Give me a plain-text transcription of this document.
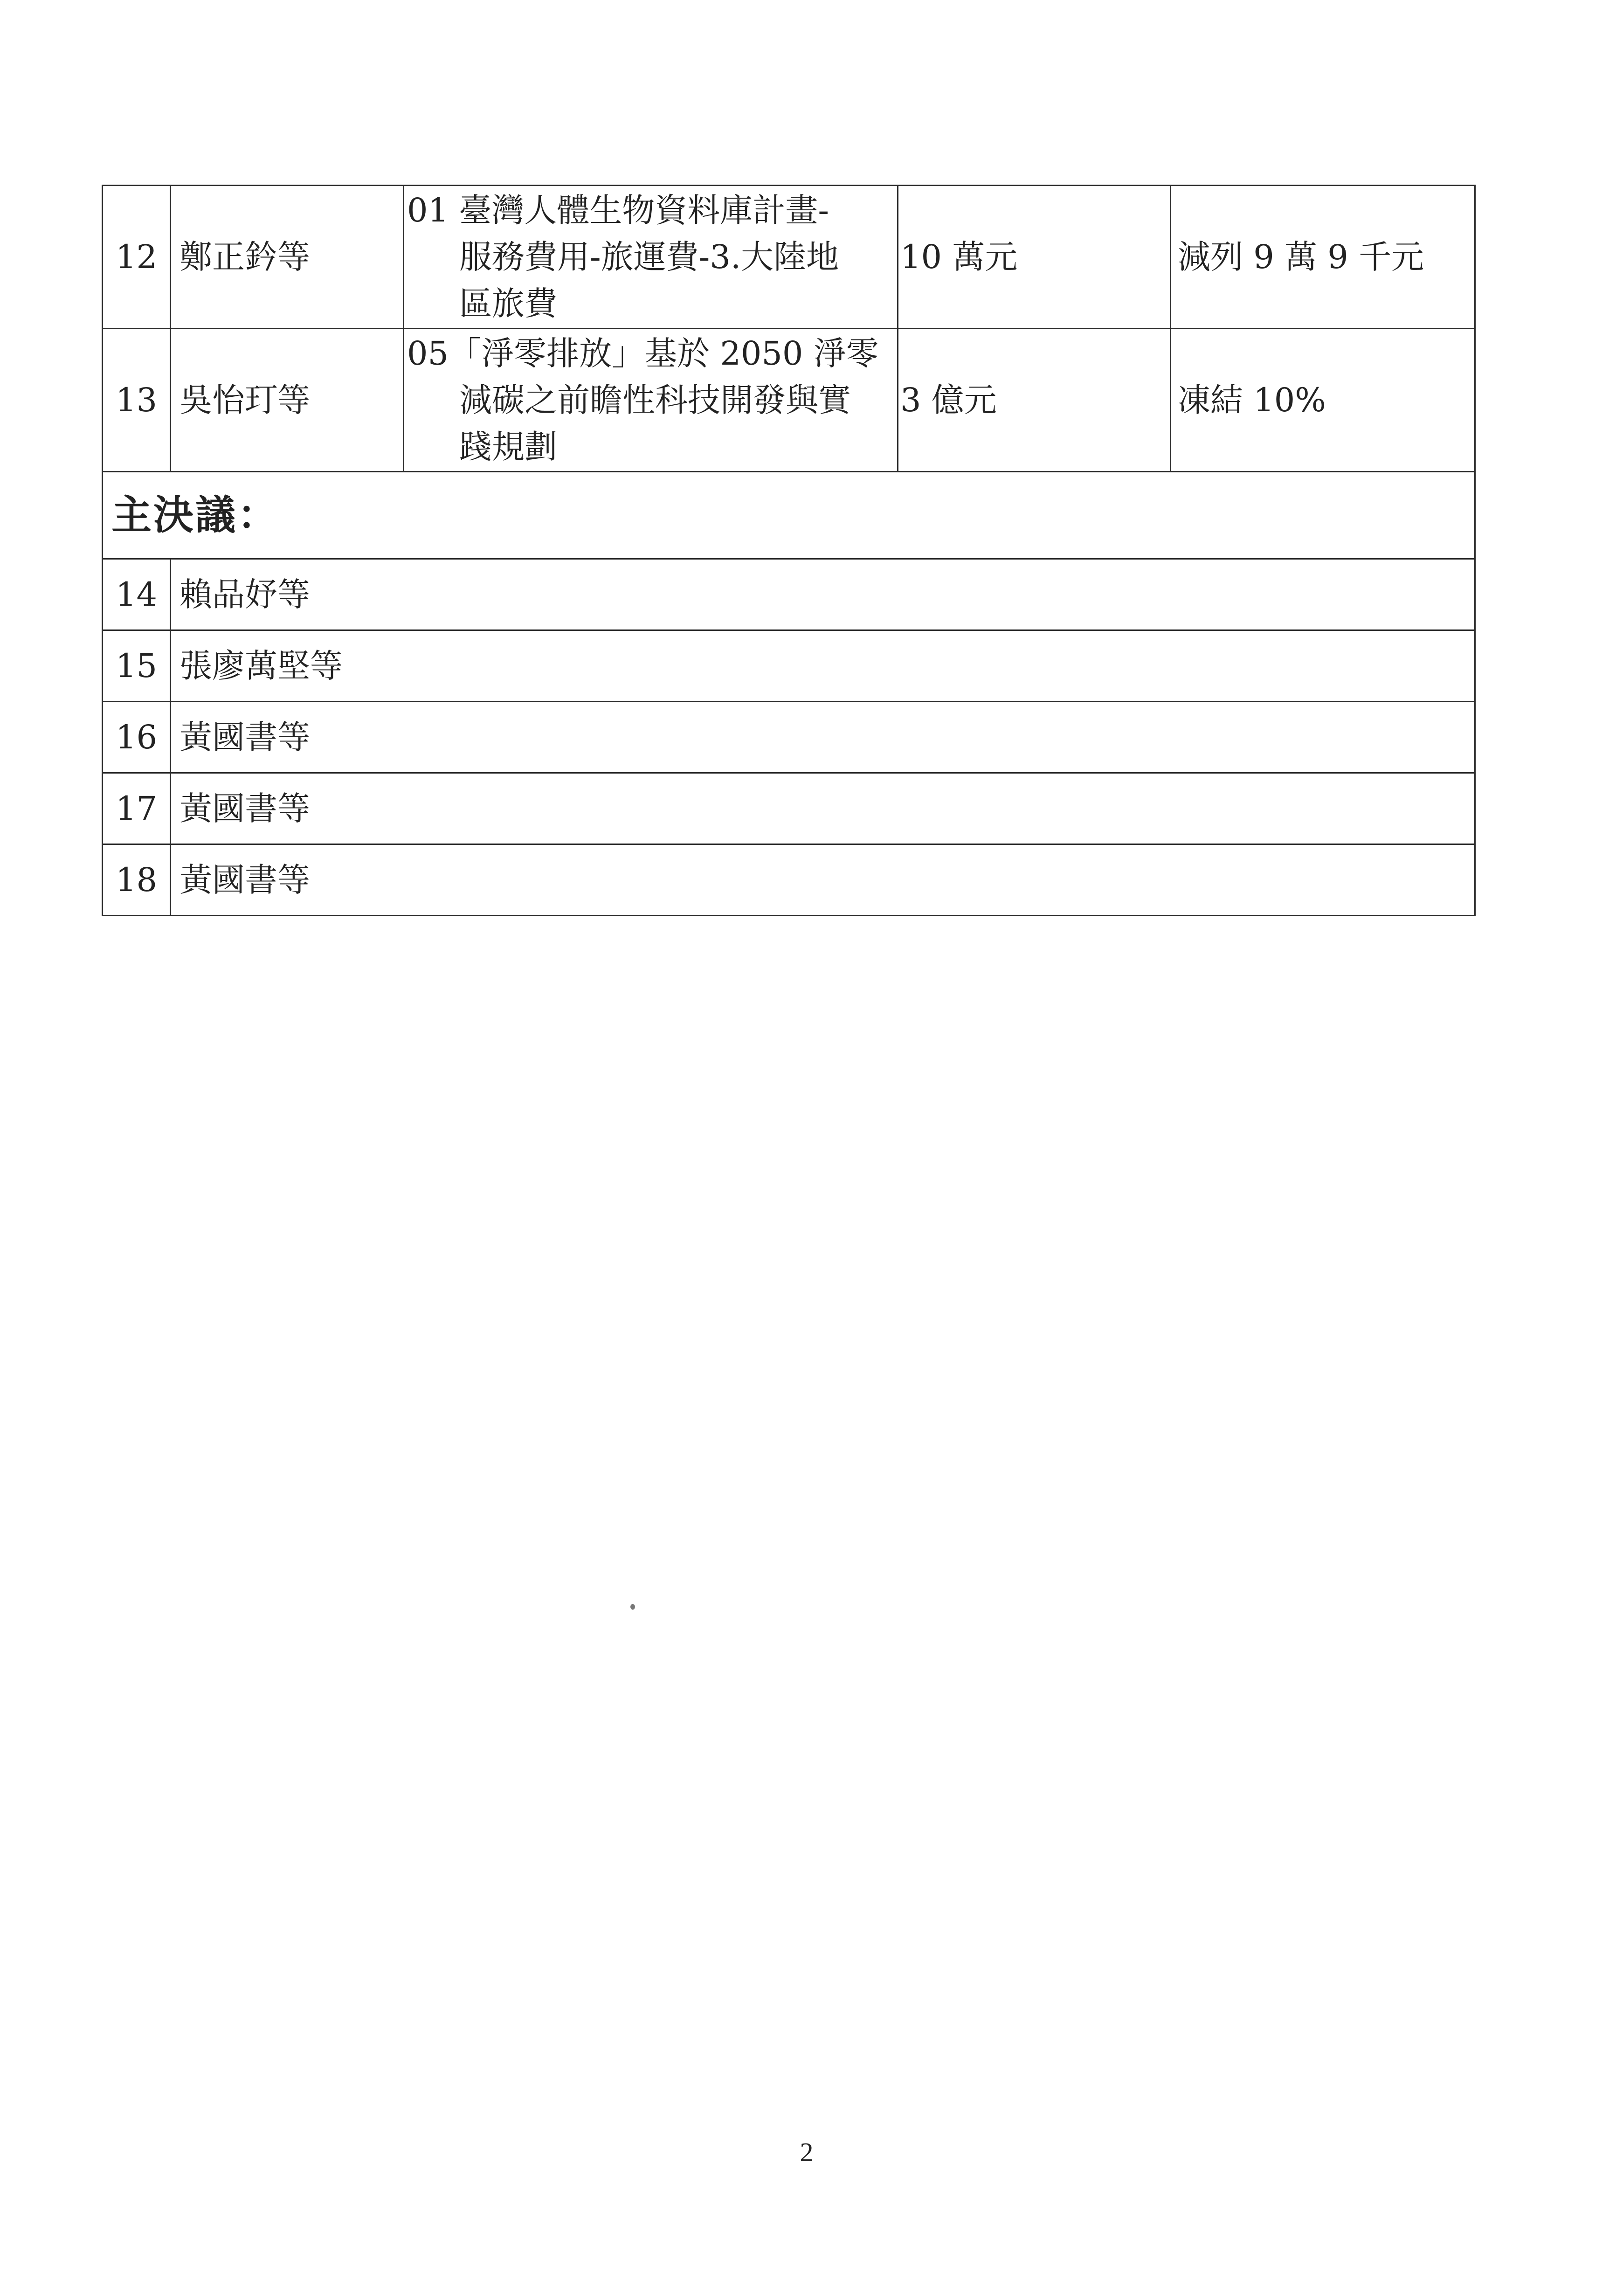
12	鄭正鈐等	01 臺灣人體生物資料庫計畫-
服務費用-旅運費-3.大陸地
區旅費	10 萬元	減列 9 萬 9 千元
13	吳怡玎等	05「淨零排放」基於 2050 淨零
減碳之前瞻性科技開發與實
踐規劃	3 億元	凍結 10%
主決議：				
14	賴品妤等			
15	張廖萬堅等			
16	黃國書等			
17	黃國書等			
18	黃國書等			
2
